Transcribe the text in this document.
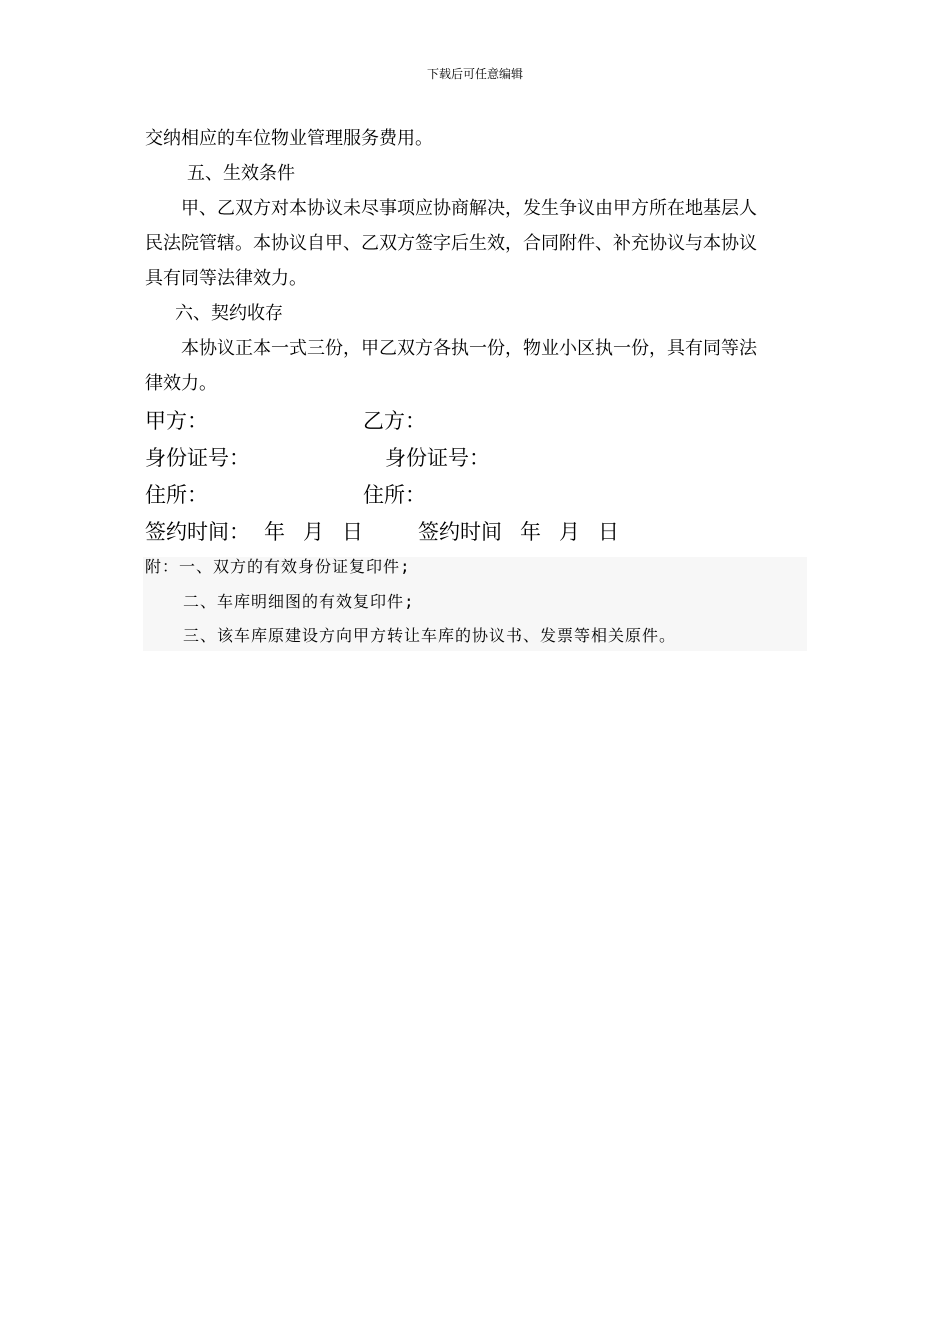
下载后可任意编辑
交纳相应的车位物业管理服务费用。
五、生效条件
甲、乙双方对本协议未尽事项应协商解决，发生争议由甲方所在地基层人
民法院管辖。本协议自甲、乙双方签字后生效，合同附件、补充协议与本协议
具有同等法律效力。
六、契约收存
本协议正本一式三份，甲乙双方各执一份，物业小区执一份，具有同等法
律效力。
甲方：	乙方：
身份证号：	身份证号：
住所：	住所：
签约时间： 年 月 日	签约时间 年 月 日
附：一、双方的有效身份证复印件;
二、车库明细图的有效复印件;
三、该车库原建设方向甲方转让车库的协议书、发票等相关原件。
